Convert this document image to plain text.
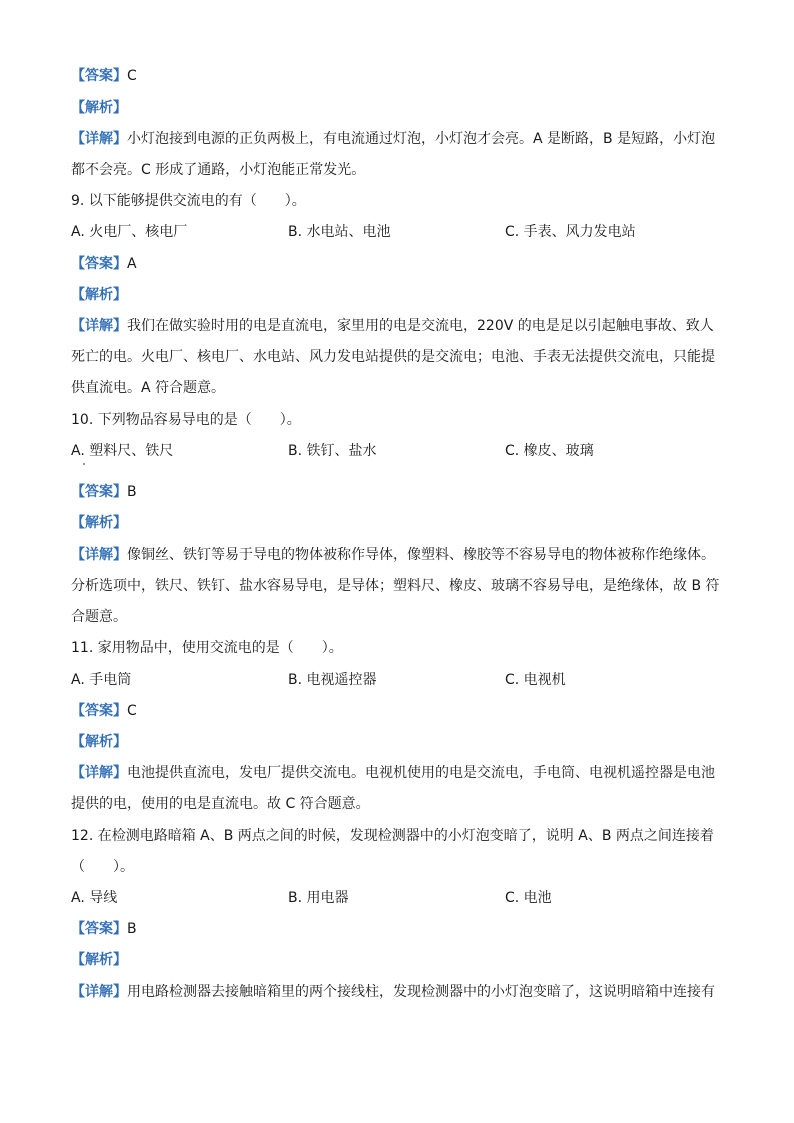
【答案】C
【解析】
【详解】小灯泡接到电源的正负两极上，有电流通过灯泡，小灯泡才会亮。A 是断路，B 是短路，小灯泡
都不会亮。C 形成了通路，小灯泡能正常发光。
9. 以下能够提供交流电的有（　　）。
A. 火电厂、核电厂	B. 水电站、电池	C. 手表、风力发电站
【答案】A
【解析】
【详解】我们在做实验时用的电是直流电，家里用的电是交流电，220V 的电是足以引起触电事故、致人
死亡的电。火电厂、核电厂、水电站、风力发电站提供的是交流电；电池、手表无法提供交流电，只能提
供直流电。A 符合题意。
10. 下列物品容易导电的是（　　）。
A. 塑料尺、铁尺	B. 铁钉、盐水	C. 橡皮、玻璃
【答案】B
【解析】
【详解】像铜丝、铁钉等易于导电的物体被称作导体，像塑料、橡胶等不容易导电的物体被称作绝缘体。
分析选项中，铁尺、铁钉、盐水容易导电，是导体；塑料尺、橡皮、玻璃不容易导电，是绝缘体，故 B 符
合题意。
11. 家用物品中，使用交流电的是（　　）。
A. 手电筒	B. 电视遥控器	C. 电视机
【答案】C
【解析】
【详解】电池提供直流电，发电厂提供交流电。电视机使用的电是交流电，手电筒、电视机遥控器是电池
提供的电，使用的电是直流电。故 C 符合题意。
12. 在检测电路暗箱 A、B 两点之间的时候，发现检测器中的小灯泡变暗了，说明 A、B 两点之间连接着
（　　）。
A. 导线	B. 用电器	C. 电池
【答案】B
【解析】
【详解】用电路检测器去接触暗箱里的两个接线柱，发现检测器中的小灯泡变暗了，这说明暗箱中连接有
